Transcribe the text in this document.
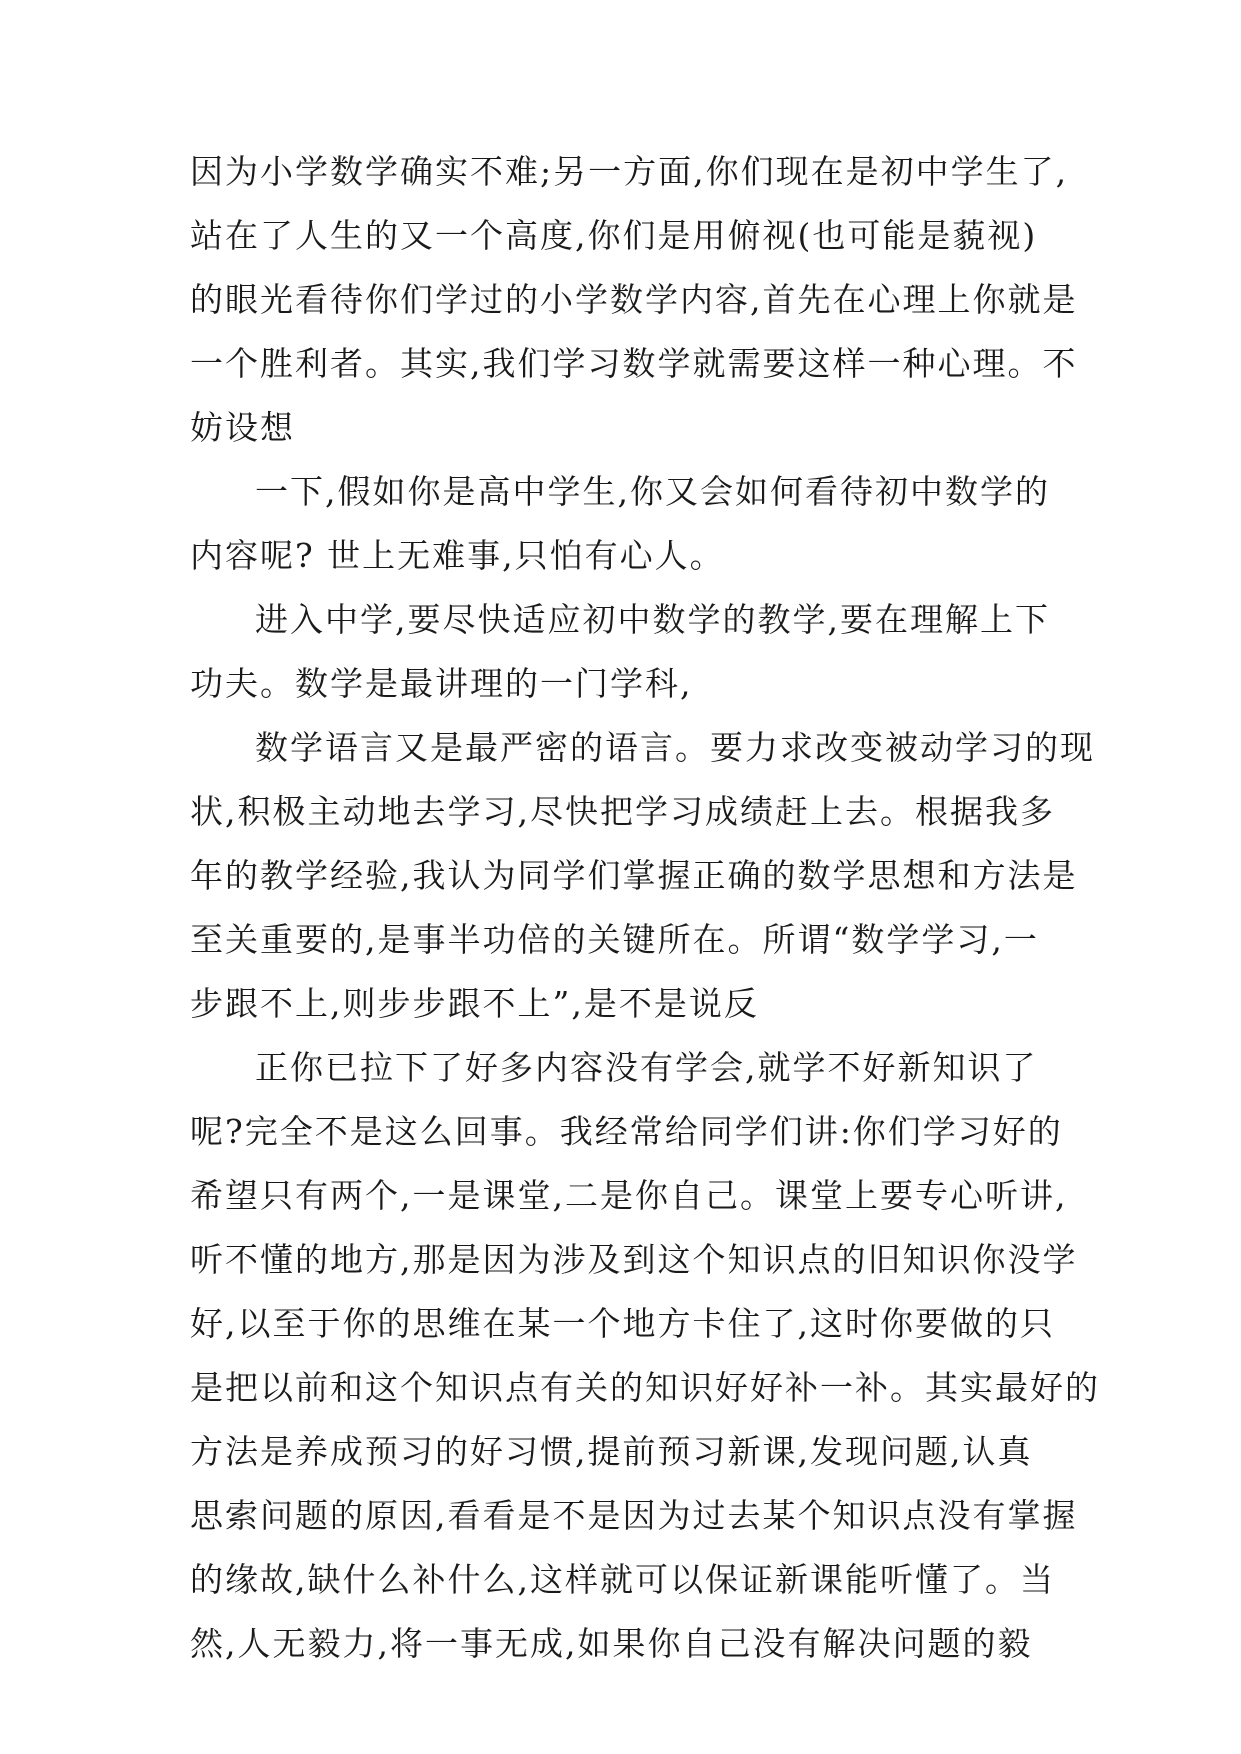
因为小学数学确实不难;另一方面,你们现在是初中学生了,
站在了人生的又一个高度,你们是用俯视(也可能是藐视)
的眼光看待你们学过的小学数学内容,首先在心理上你就是
一个胜利者。其实,我们学习数学就需要这样一种心理。不
妨设想
一下,假如你是高中学生,你又会如何看待初中数学的
内容呢? 世上无难事,只怕有心人。
进入中学,要尽快适应初中数学的教学,要在理解上下
功夫。数学是最讲理的一门学科,
数学语言又是最严密的语言。要力求改变被动学习的现
状,积极主动地去学习,尽快把学习成绩赶上去。根据我多
年的教学经验,我认为同学们掌握正确的数学思想和方法是
至关重要的,是事半功倍的关键所在。所谓“数学学习,一
步跟不上,则步步跟不上”,是不是说反
正你已拉下了好多内容没有学会,就学不好新知识了
呢?完全不是这么回事。我经常给同学们讲:你们学习好的
希望只有两个,一是课堂,二是你自己。课堂上要专心听讲,
听不懂的地方,那是因为涉及到这个知识点的旧知识你没学
好,以至于你的思维在某一个地方卡住了,这时你要做的只
是把以前和这个知识点有关的知识好好补一补。其实最好的
方法是养成预习的好习惯,提前预习新课,发现问题,认真
思索问题的原因,看看是不是因为过去某个知识点没有掌握
的缘故,缺什么补什么,这样就可以保证新课能听懂了。当
然,人无毅力,将一事无成,如果你自己没有解决问题的毅
